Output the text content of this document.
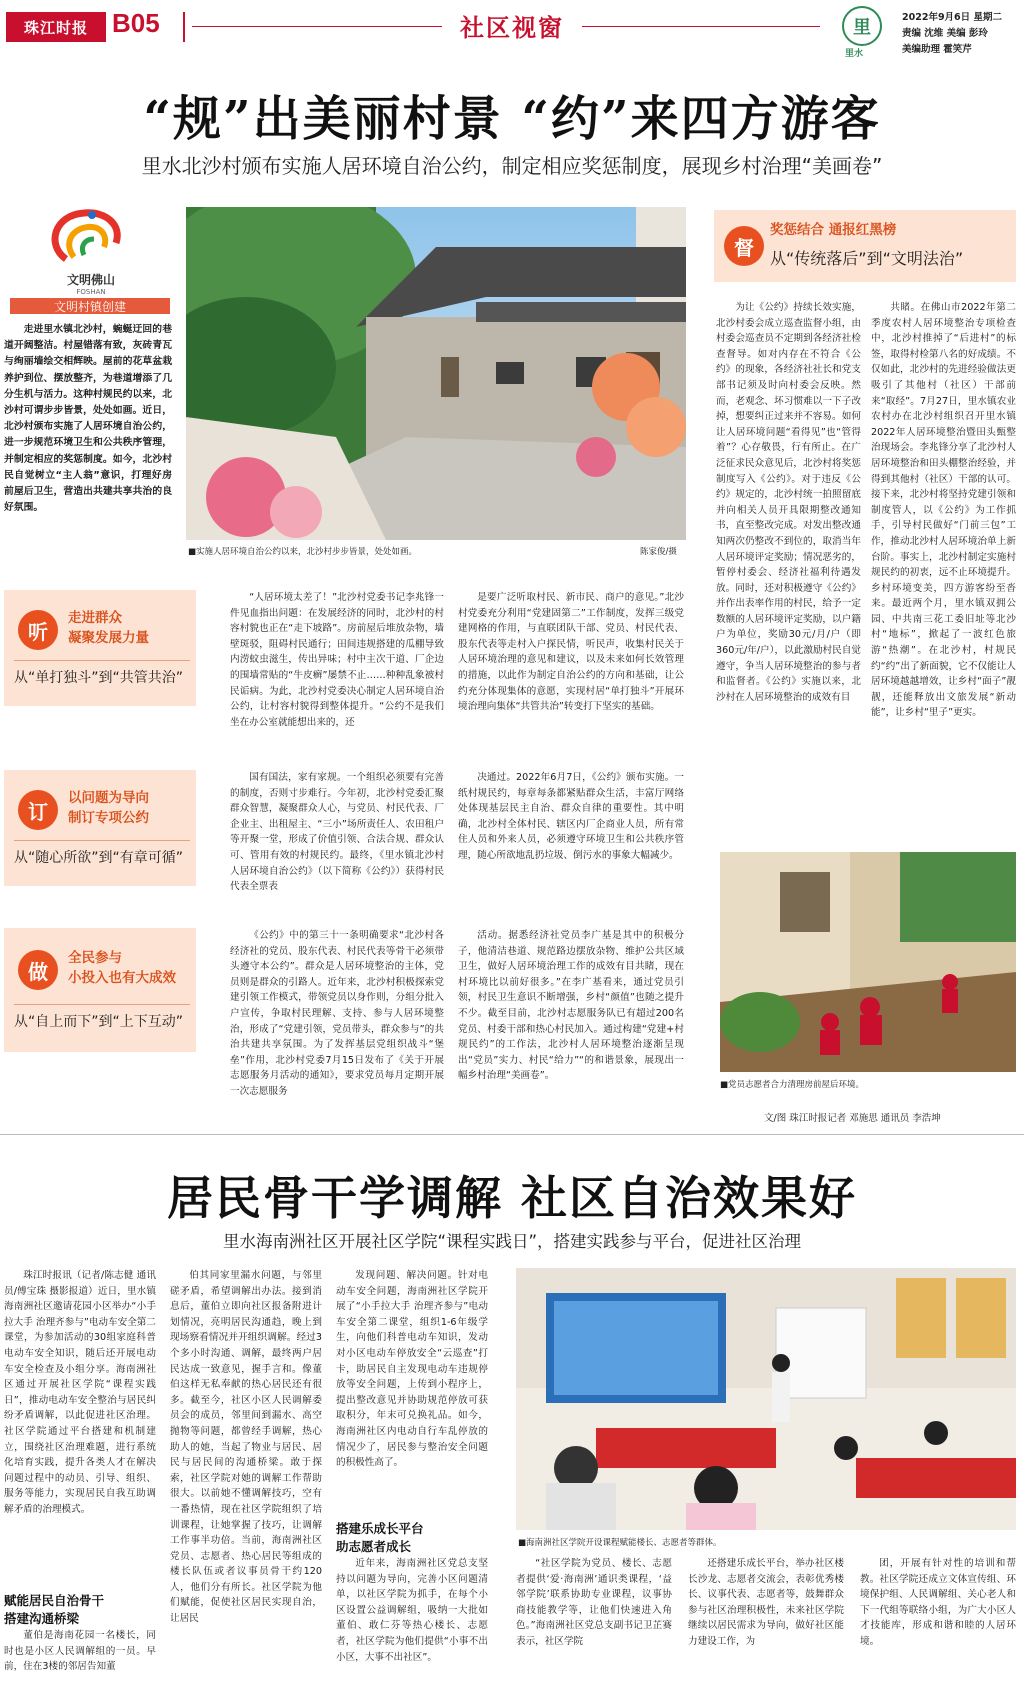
珠江时报 B05	社区视窗	里
里水
2022年9月6日 星期二
责编 沈维 美编 彭玲
美编助理 霍笑芹
“规”出美丽村景 “约”来四方游客
里水北沙村颁布实施人居环境自治公约，制定相应奖惩制度，展现乡村治理“美画卷”
文明佛山
FOSHAN
文明村镇创建

走进里水镇北沙村，蜿蜒迂回的巷道开阔整洁。村屋错落有致，灰砖青瓦与绚丽墙绘交相辉映。屋前的花草盆栽养护到位、摆放整齐，为巷道增添了几分生机与活力。这种村规民约以来，北沙村可谓步步皆景，处处如画。近日，北沙村颁布实施了人居环境自治公约，进一步规范环境卫生和公共秩序管理，并制定相应的奖惩制度。如今，北沙村民自觉树立“主人翁”意识，打理好房前屋后卫生，营造出共建共享共治的良好氛围。

■实施人居环境自治公约以来，北沙村步步皆景，处处如画。	陈家俊/摄
督
奖惩结合 通报红黑榜
从“传统落后”到“文明法治”

为让《公约》持续长效实施，北沙村委会成立巡查监督小组，由村委会巡查员不定期到各经济社检查督导。如对内存在不符合《公约》的现象，各经济社社长和党支部书记须及时向村委会反映。然而，老观念、坏习惯难以一下子改掉，想要纠正过来并不容易。如何让人居环境问题“看得见”也“管得着”？心存敬畏，行有所止。在广泛征求民众意见后，北沙村将奖惩制度写入《公约》。对于违反《公约》规定的，北沙村统一拍照留底并向相关人员开具限期整改通知书，直至整改完成。对发出整改通知两次仍整改不到位的，取消当年人居环境评定奖励；情况恶劣的，暂停村委会、经济社福利待遇发放。同时，还对积极遵守《公约》并作出表率作用的村民，给予一定数额的人居环境评定奖励，以户籍户为单位，奖励30元/月/户（即360元/年/户），以此激励村民自觉遵守，争当人居环境整治的参与者和监督者。《公约》实施以来，北沙村在人居环境整治的成效有目

共睹。在佛山市2022年第二季度农村人居环境整治专项检查中，北沙村推掉了“后进村”的标签，取得村检第八名的好成绩。不仅如此，北沙村的先进经验做法更吸引了其他村（社区）干部前来“取经”。7月27日，里水镇农业农村办在北沙村组织召开里水镇2022年人居环境整治暨田头甄整治现场会。李兆锋分享了北沙村人居环境整治和田头棚整治经验，并得到其他村（社区）干部的认可。接下来，北沙村将坚持党建引领和制度管人，以《公约》为工作抓手，引导村民做好“门前三包”工作，推动北沙村人居环境治单上新台阶。事实上，北沙村制定实施村规民约的初衷，远不止环境提升。乡村环境变美，四方游客纷至沓来。最近两个月，里水镇双拥公园、中共南三花工委旧址等北沙村“地标”，掀起了一波红色旅游“热潮”。在北沙村，村规民约“约”出了新面貌，它不仅能让人居环境越越增效，让乡村“面子”靓靓，还能释放出文旅发展“新动能”，让乡村“里子”更实。

听
走进群众
凝聚发展力量
从“单打独斗”到“共管共治”
订
以问题为导向
制订专项公约
从“随心所欲”到“有章可循”
做
全民参与
小投入也有大成效
从“自上而下”到“上下互动”

“人居环境太差了！”北沙村党委书记李兆锋一件见血指出问题：在发展经济的同时，北沙村的村容村貌也正在“走下坡路”。房前屋后堆放杂物，墙壁斑驳，阻碍村民通行；田间违规搭建的瓜棚导致内涝蚊虫滋生，传出异味；村中主次干道、厂企边的围墙常贴的“牛皮癣”屡禁不止……种种乱象被村民诟病。为此，北沙村党委决心制定人居环境自治公约，让村容村貌得到整体提升。“公约不是我们坐在办公室就能想出来的，还

是要广泛听取村民、新市民、商户的意见。”北沙村党委充分利用“党建固第二”工作制度，发挥三级党建网格的作用，与直联团队干部、党员、村民代表、股东代表等走村入户探民情，听民声，收集村民关于人居环境治理的意见和建议，以及未来如何长效管理的措施，以此作为制定自治公约的方向和基础，让公约充分体现集体的意愿，实现村居“单打独斗”开展环境治理向集体“共管共治”转变打下坚实的基础。

国有国法，家有家规。一个组织必须要有完善的制度，否则寸步难行。今年初，北沙村党委汇聚群众智慧，凝聚群众人心，与党员、村民代表、厂企业主、出租屋主、“三小”场所责任人、农田租户等开聚一堂，形成了价值引领、合法合规、群众认可、管用有效的村规民约。最终，《里水镇北沙村人居环境自治公约》（以下简称《公约》）获得村民代表全票表

决通过。2022年6月7日，《公约》颁布实施。一纸村规民约，每章每条都紧贴群众生活，丰富厅网络处体现基层民主自治、群众自律的重要性。其中明确，北沙村全体村民、辖区内厂企商业人员，所有常住人员和外来人员，必须遵守环境卫生和公共秩序管理，随心所欲地乱扔垃圾、倒污水的事象大幅减少。

《公约》中的第三十一条明确要求“北沙村各经济社的党员、股东代表、村民代表等骨干必须带头遵守本公约”。群众是人居环境整治的主体，党员则是群众的引路人。近年来，北沙村积极探索党建引领工作模式，带领党员以身作则，分组分批入户宣传，争取村民理解、支持、参与人居环境整治，形成了“党建引领，党员带头，群众参与”的共治共建共享氛围。为了发挥基层党组织战斗“堡垒”作用，北沙村党委7月15日发布了《关于开展志愿服务月活动的通知》，要求党员每月定期开展一次志愿服务

活动。据悉经济社党员李广基是其中的积极分子，他清洁巷道、规范路边摆放杂物、维护公共区域卫生，做好人居环境治理工作的成效有目共睹，现在村环境比以前好很多。”在李广基看来，通过党员引领，村民卫生意识不断增强，乡村“颜值”也随之提升不少。截至目前，北沙村志愿服务队已有超过200名党员、村委干部和热心村民加入。通过构建“党建+村规民约”的工作法，北沙村人居环境整治逐渐呈现出“党员”实力、村民“给力”“的和谐景象，展现出一幅乡村治理“美画卷”。

■党员志愿者合力清理房前屋后环境。
文/图 珠江时报记者 邓施思 通讯员 李浩坤
居民骨干学调解 社区自治效果好
里水海南洲社区开展社区学院“课程实践日”，搭建实践参与平台，促进社区治理

珠江时报讯（记者/陈志健 通讯员/傅宝珠 摄影报道）近日，里水镇海南洲社区邀请花园小区举办“小手拉大手 治理齐参与”电动车安全第二课堂，为参加活动的30组家庭科普电动车安全知识，随后还开展电动车安全检查及小组分享。海南洲社区通过开展社区学院“课程实践日”，推动电动车安全整治与居民纠纷矛盾调解，以此促进社区治理。社区学院通过平台搭建和机制建立，围绕社区治理难题，进行系统化培育实践，提升各类人才在解决问题过程中的动员、引导、组织、服务等能力，实现居民自我互助调解矛盾的治理模式。

赋能居民自治骨干
搭建沟通桥梁

董伯是海南花园一名楼长，同时也是小区人民调解组的一员。早前，住在3楼的邻居告知董

伯其同家里漏水问题，与邻里磋矛盾，希望调解出办法。接到消息后，董伯立即向社区报备附进计划情况，亮明居民沟通趋，晚上到现场察看情况并开组织调解。经过3个多小时沟通、调解，最终两户居民达成一致意见，握手言和。像董伯这样无私奉献的热心居民还有很多。截至今，社区小区人民调解委员会的成员，邻里间到漏水、高空抛物等问题，都曾经手调解，热心助人的她，当起了物业与居民、居民与居民间的沟通桥梁。敢于探索，社区学院对她的调解工作帮助很大。以前她不懂调解技巧，空有一番热情，现在社区学院组织了培训课程，让她掌握了技巧，让调解工作事半功倍。当前，海南洲社区党员、志愿者、热心居民等组成的楼长队伍或者议事员骨干约120人，他们分有所长。社区学院为他们赋能，促使社区居民实现自治，让居民

发现问题、解决问题。针对电动车安全问题，海南洲社区学院开展了“小手拉大手 治理齐参与”电动车安全第二课堂，组织1-6年级学生，向他们科普电动车知识，发动对小区电动车停放安全“云巡查”打卡，助居民自主发现电动车违规停放等安全问题，上传到小程序上，提出整改意见并协助规范停放可获取积分，年末可兑换礼品。如今，海南洲社区内电动自行车乱停放的情况少了，居民参与整治安全问题的积极性高了。

搭建乐成长平台
助志愿者成长

近年来，海南洲社区党总支坚持以问题为导向，完善小区问题清单，以社区学院为抓手，在每个小区设置公益调解组，吸纳一大批如董伯、敢仁芬等热心楼长、志愿者，社区学院为他们提供“小事不出小区，大事不出社区”。

■海南洲社区学院开设课程赋能楼长、志愿者等群体。

“社区学院为党员、楼长、志愿者提供‘爱·海南洲’通识类课程，‘益邻学院’联系协助专业课程，议事协商技能教学等，让他们快速进入角色。”海南洲社区党总支副书记卫芷赛表示，社区学院

还搭建乐成长平台，举办社区楼长沙龙、志愿者交流会，表彰优秀楼长、议事代表、志愿者等，鼓舞群众参与社区治理积极性，未来社区学院继续以居民需求为导向，做好社区能力建设工作，为

团，开展有针对性的培训和帮教。社区学院还成立文体宣传组、环境保护组、人民调解组、关心老人和下一代组等联络小组，为广大小区人才技能库，形成和谐和睦的人居环境。
